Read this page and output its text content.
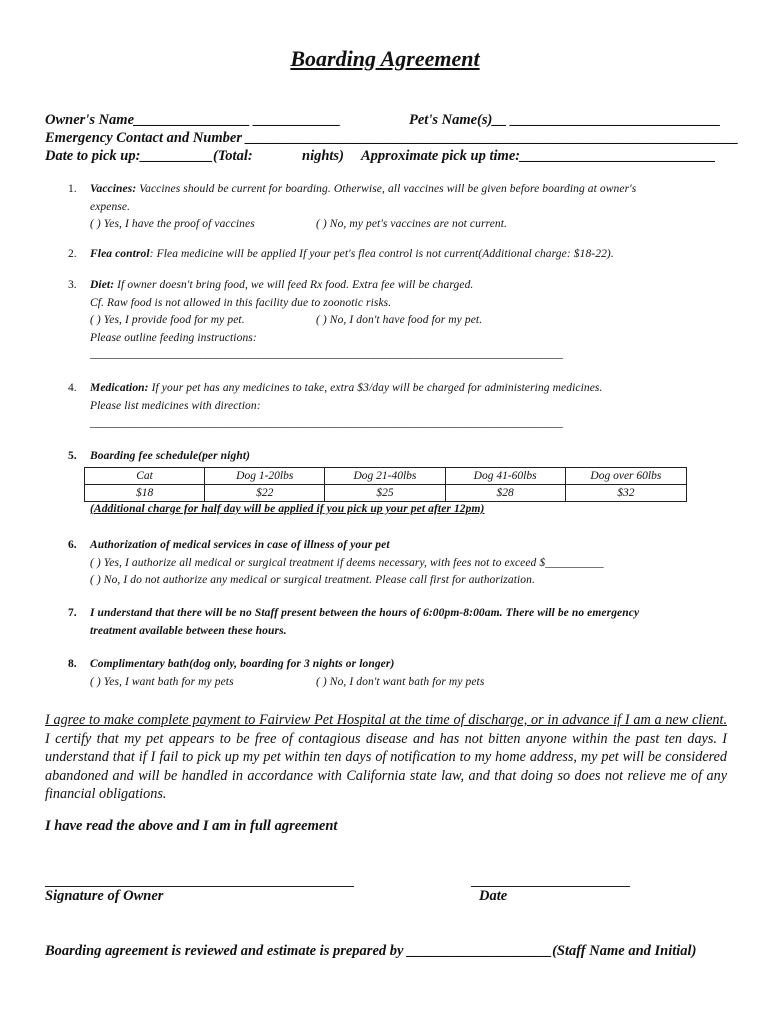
Boarding Agreement
Owner's Name________________ ____________	Pet's Name(s)__ _____________________________
Emergency Contact and Number ____________________________________________________________________
Date to pick up:__________(Total:	nights) Approximate pick up time:___________________________
1. Vaccines: Vaccines should be current for boarding. Otherwise, all vaccines will be given before boarding at owner's
expense.
( ) Yes, I have the proof of vaccines	( ) No, my pet's vaccines are not current.
2. Flea control: Flea medicine will be applied If your pet's flea control is not current(Additional charge: $18-22).
3. Diet: If owner doesn't bring food, we will feed Rx food. Extra fee will be charged.
Cf. Raw food is not allowed in this facility due to zoonotic risks.
( ) Yes, I provide food for my pet.	( ) No, I don't have food for my pet.
Please outline feeding instructions:
__________________________________________________________________________________________
4. Medication: If your pet has any medicines to take, extra $3/day will be charged for administering medicines.
Please list medicines with direction:
__________________________________________________________________________________________
5. Boarding fee schedule(per night)
Cat	Dog 1-20lbs	Dog 21-40lbs	Dog 41-60lbs	Dog over 60lbs
$18	$22	$25	$28	$32
(Additional charge for half day will be applied if you pick up your pet after 12pm)
6. Authorization of medical services in case of illness of your pet
( ) Yes, I authorize all medical or surgical treatment if deems necessary, with fees not to exceed $__________
( ) No, I do not authorize any medical or surgical treatment. Please call first for authorization.
7. I understand that there will be no Staff present between the hours of 6:00pm-8:00am. There will be no emergency
treatment available between these hours.
8. Complimentary bath(dog only, boarding for 3 nights or longer)
( ) Yes, I want bath for my pets	( ) No, I don't want bath for my pets
I agree to make complete payment to Fairview Pet Hospital at the time of discharge, or in advance if I am a new client. I certify that my pet appears to be free of contagious disease and has not bitten anyone within the past ten days. I understand that if I fail to pick up my pet within ten days of notification to my home address, my pet will be considered abandoned and will be handled in accordance with California state law, and that doing so does not relieve me of any financial obligations.
I have read the above and I am in full agreement
Signature of Owner	Date
Boarding agreement is reviewed and estimate is prepared by ____________________(Staff Name and Initial)
